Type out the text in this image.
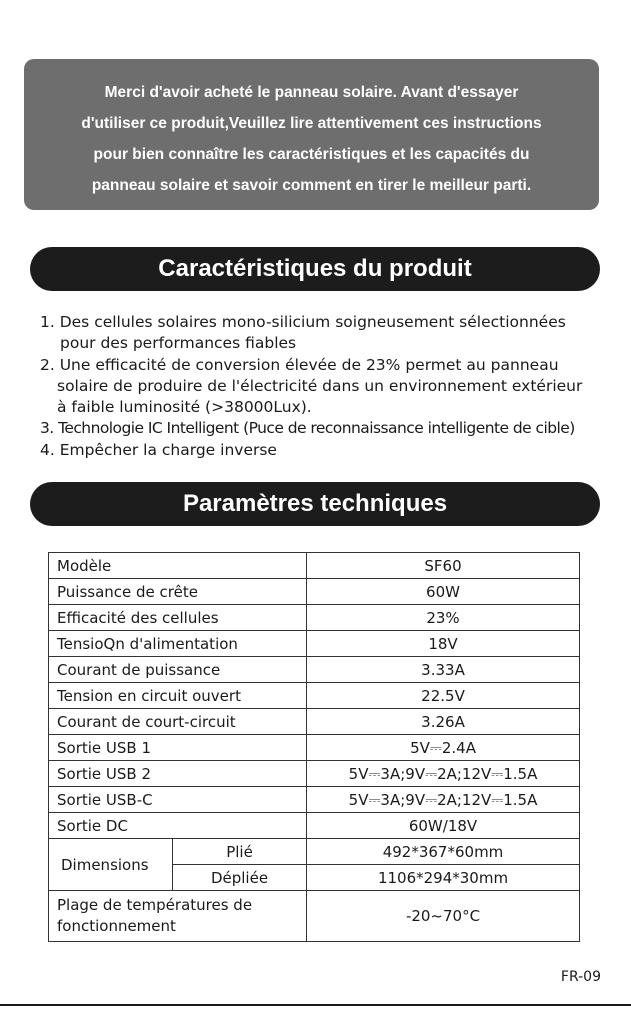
Merci d'avoir acheté le panneau solaire. Avant d'essayer
d'utiliser ce produit,Veuillez lire attentivement ces instructions
pour bien connaître les caractéristiques et les capacités du
panneau solaire et savoir comment en tirer le meilleur parti.
Caractéristiques du produit
1. Des cellules solaires mono-silicium soigneusement sélectionnées
pour des performances fiables
2. Une efficacité de conversion élevée de 23% permet au panneau
solaire de produire de l'électricité dans un environnement extérieur
à faible luminosité (>38000Lux).
3. Technologie IC Intelligent (Puce de reconnaissance intelligente de cible)
4. Empêcher la charge inverse
Paramètres techniques
Modèle		SF60
Puissance de crête		60W
Efficacité des cellules		23%
TensioQn d'alimentation		18V
Courant de puissance		3.33A
Tension en circuit ouvert		22.5V
Courant de court-circuit		3.26A
Sortie USB 1		5V⎓2.4A
Sortie USB 2		5V⎓3A;9V⎓2A;12V⎓1.5A
Sortie USB-C		5V⎓3A;9V⎓2A;12V⎓1.5A
Sortie DC		60W/18V
Dimensions	Plié	492*367*60mm
	Dépliée	1106*294*30mm
Plage de températures de
fonctionnement		-20~70°C
FR-09
